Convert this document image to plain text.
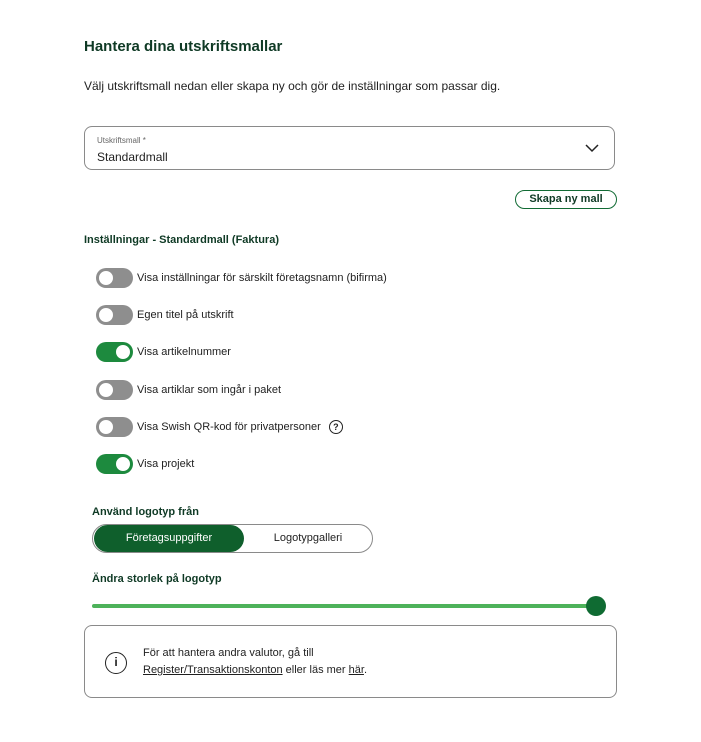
Hantera dina utskriftsmallar
Välj utskriftsmall nedan eller skapa ny och gör de inställningar som passar dig.
Utskriftsmall *
Standardmall
Skapa ny mall
Inställningar - Standardmall (Faktura)
Visa inställningar för särskilt företagsnamn (bifirma)
Egen titel på utskrift
Visa artikelnummer
Visa artiklar som ingår i paket
Visa Swish QR-kod för privatpersoner	?
Visa projekt
Använd logotyp från
Företagsuppgifter	Logotypgalleri
Ändra storlek på logotyp
i
För att hantera andra valutor, gå till
Register/Transaktionskonton eller läs mer här.
